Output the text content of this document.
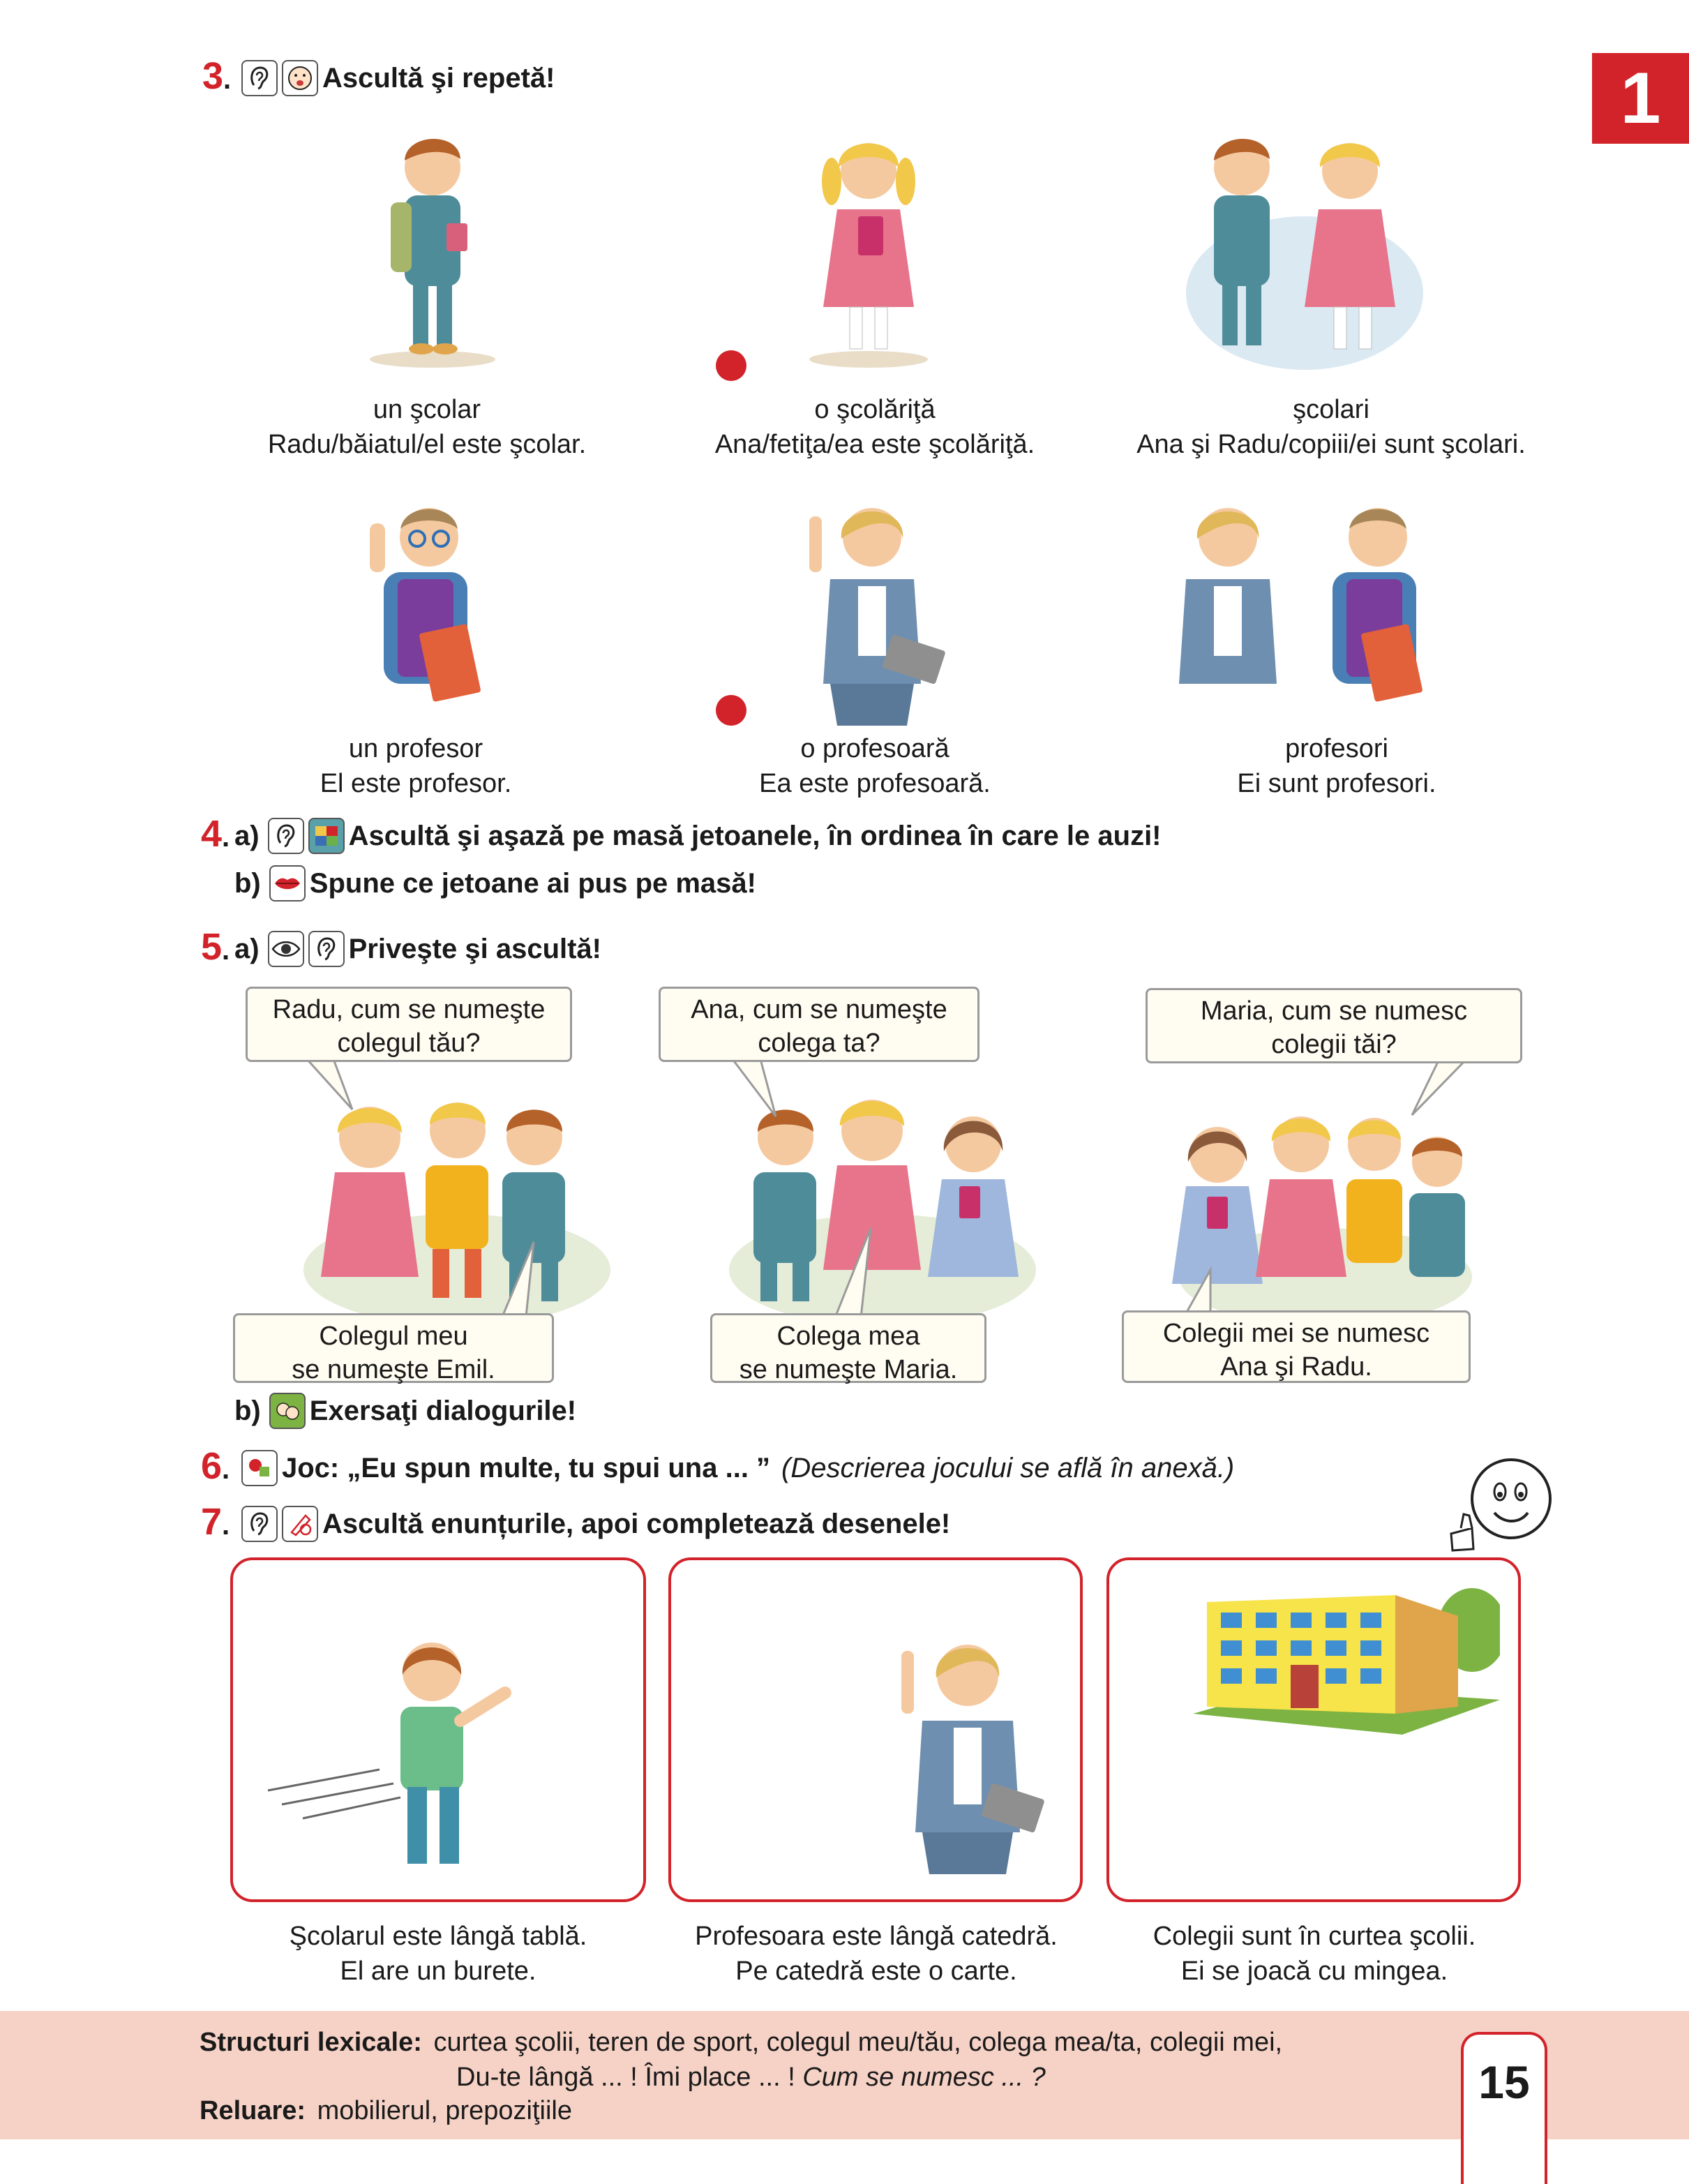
1
3.	Ascultă şi repetă!
un şcolar
Radu/băiatul/el este şcolar.
o şcolăriţă
Ana/fetiţa/ea este şcolăriţă.
şcolari
Ana şi Radu/copiii/ei sunt şcolari.
un profesor
El este profesor.
o profesoară
Ea este profesoară.
profesori
Ei sunt profesori.
4. a)	Ascultă şi aşază pe masă jetoanele, în ordinea în care le auzi!
b) Spune ce jetoane ai pus pe masă!
5. a)	Priveşte şi ascultă!
Radu, cum se numeşte
colegul tău?
Ana, cum se numeşte
colega ta?
Maria, cum se numesc
colegii tăi?
Colegul meu
se numeşte Emil.
Colega mea
se numeşte Maria.
Colegii mei se numesc
Ana şi Radu.
b) Exersaţi dialogurile!
6. Joc: „Eu spun multe, tu spui una ... ” (Descrierea jocului se află în anexă.)
7.	Ascultă enunțurile, apoi completează desenele!
Şcolarul este lângă tablă.
El are un burete.
Profesoara este lângă catedră.
Pe catedră este o carte.
Colegii sunt în curtea şcolii.
Ei se joacă cu mingea.
Structuri lexicale: curtea şcolii, teren de sport, colegul meu/tău, colega mea/ta, colegii mei,
Du-te lângă ... ! Îmi place ... ! Cum se numesc ... ?
Reluare: mobilierul, prepoziţiile
15
